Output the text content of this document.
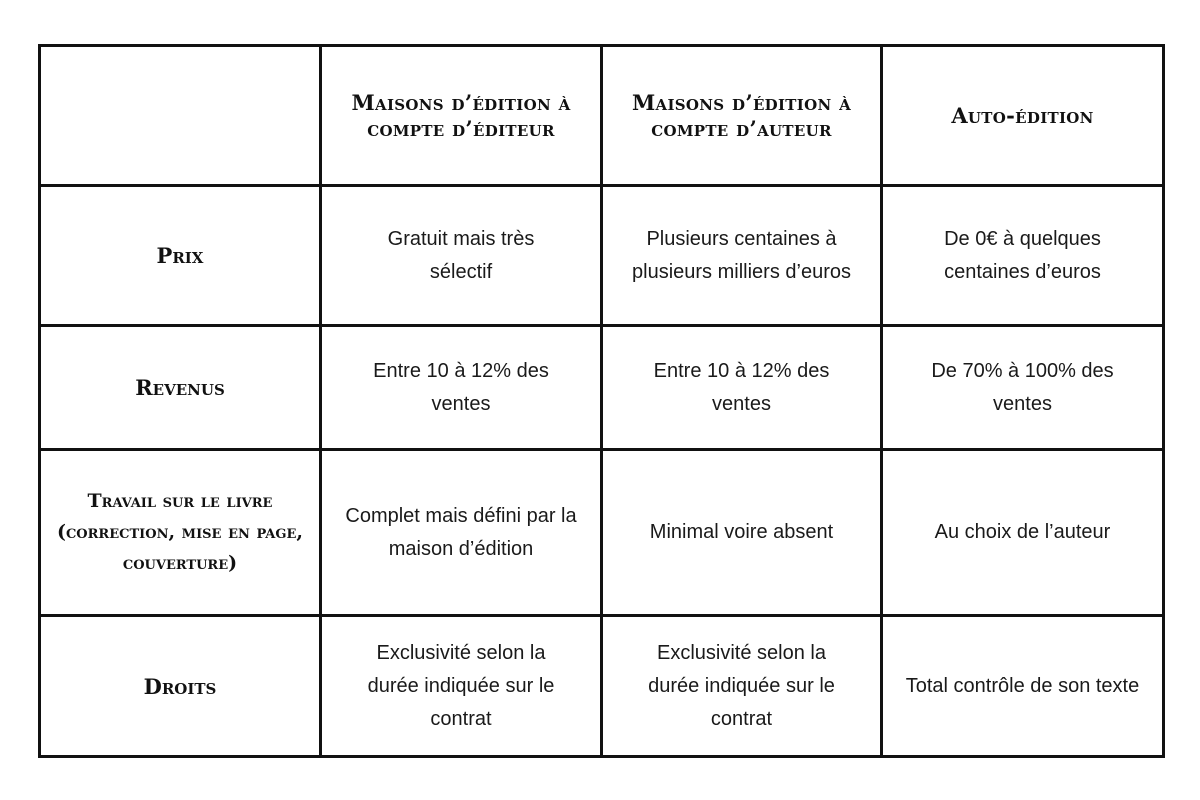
	Maisons d’édition à compte d’éditeur	Maisons d’édition à compte d’auteur	Auto-édition
Prix	Gratuit mais très sélectif	Plusieurs centaines à plusieurs milliers d’euros	De 0€ à quelques centaines d’euros
Revenus	Entre 10 à 12% des ventes	Entre 10 à 12% des ventes	De 70% à 100% des ventes
Travail sur le livre (correction, mise en page, couverture)	Complet mais défini par la maison d’édition	Minimal voire absent	Au choix de l’auteur
Droits	Exclusivité selon la durée indiquée sur le contrat	Exclusivité selon la durée indiquée sur le contrat	Total contrôle de son texte
